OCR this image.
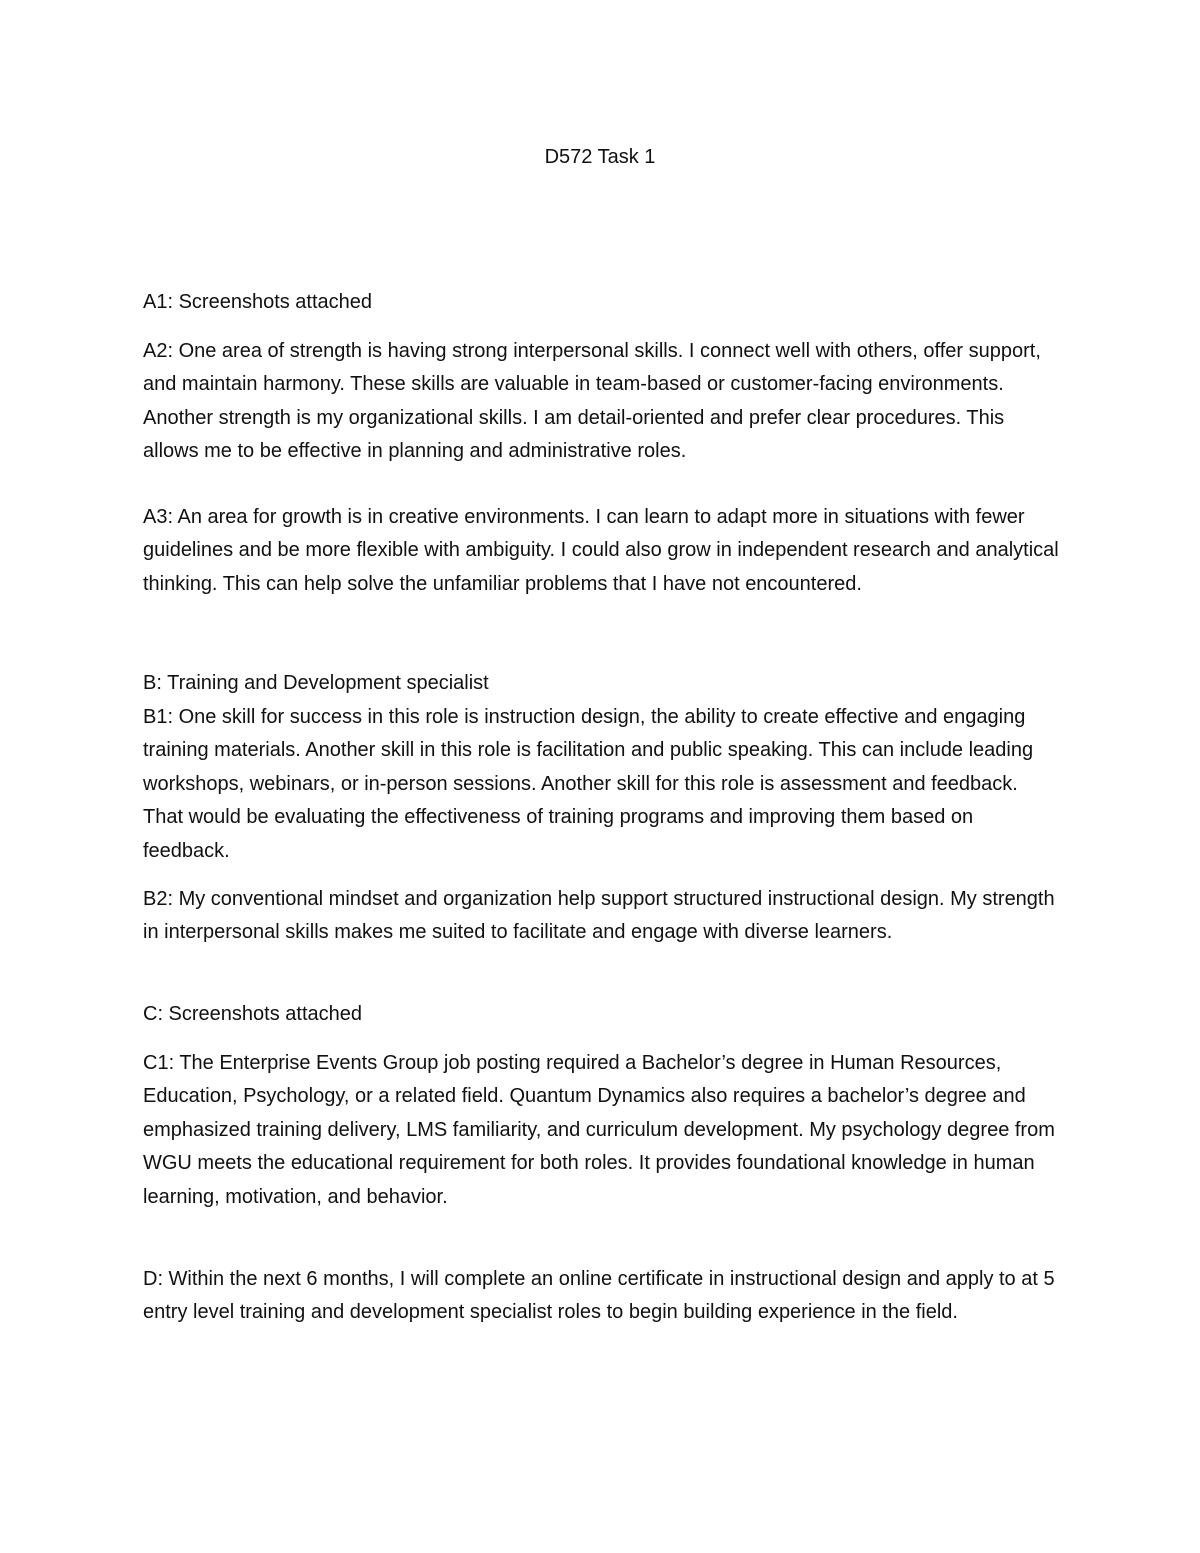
D572 Task 1

A1: Screenshots attached

A2: One area of strength is having strong interpersonal skills. I connect well with others, offer support, and maintain harmony. These skills are valuable in team-based or customer-facing environments. Another strength is my organizational skills. I am detail-oriented and prefer clear procedures. This allows me to be effective in planning and administrative roles.

A3: An area for growth is in creative environments. I can learn to adapt more in situations with fewer guidelines and be more flexible with ambiguity. I could also grow in independent research and analytical thinking. This can help solve the unfamiliar problems that I have not encountered.

B: Training and Development specialist

B1: One skill for success in this role is instruction design, the ability to create effective and engaging training materials. Another skill in this role is facilitation and public speaking. This can include leading workshops, webinars, or in-person sessions. Another skill for this role is assessment and feedback. That would be evaluating the effectiveness of training programs and improving them based on feedback.

B2: My conventional mindset and organization help support structured instructional design. My strength in interpersonal skills makes me suited to facilitate and engage with diverse learners.

C: Screenshots attached

C1: The Enterprise Events Group job posting required a Bachelor’s degree in Human Resources, Education, Psychology, or a related field. Quantum Dynamics also requires a bachelor’s degree and emphasized training delivery, LMS familiarity, and curriculum development. My psychology degree from WGU meets the educational requirement for both roles. It provides foundational knowledge in human learning, motivation, and behavior.

D: Within the next 6 months, I will complete an online certificate in instructional design and apply to at 5 entry level training and development specialist roles to begin building experience in the field.
